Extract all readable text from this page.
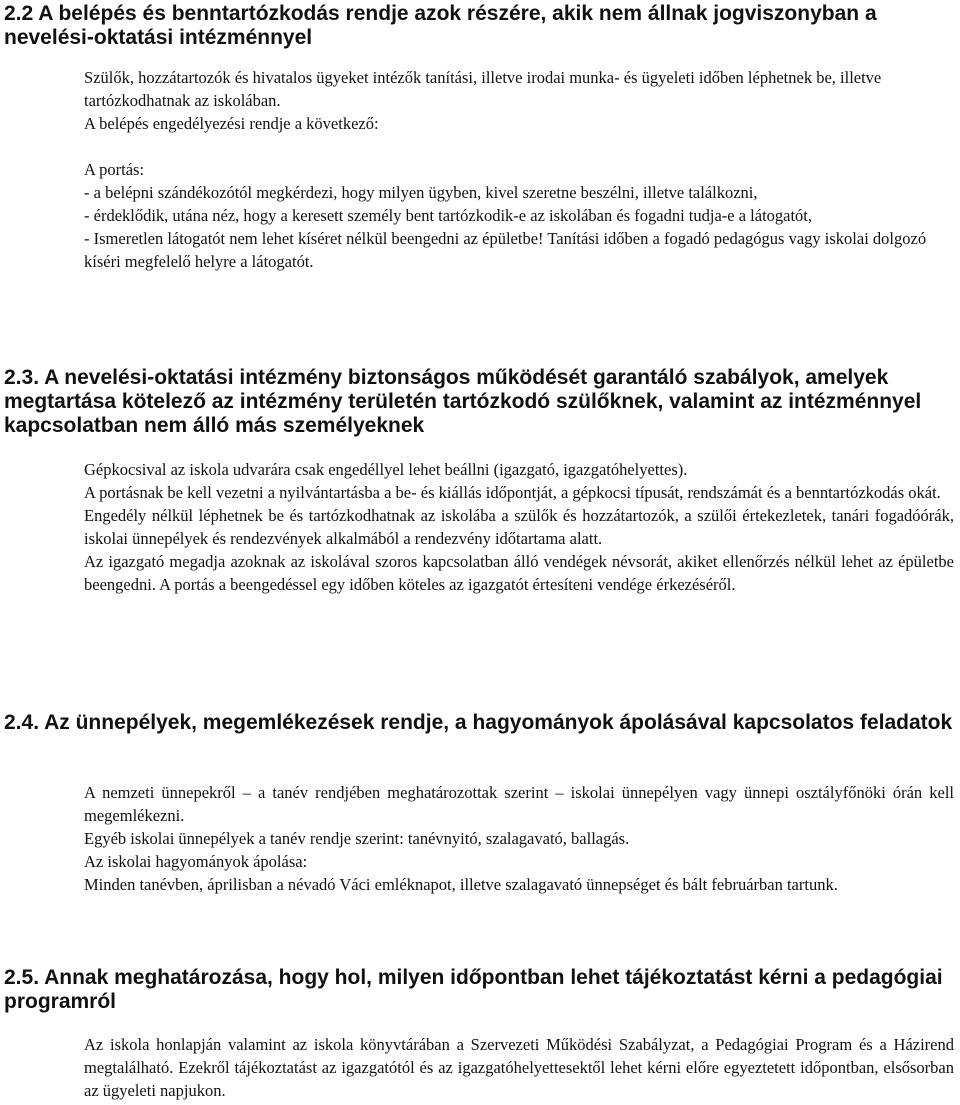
2.2 A belépés és benntartózkodás rendje azok részére, akik nem állnak jogviszonyban a nevelési-oktatási intézménnyel

Szülők, hozzátartozók és hivatalos ügyeket intézők tanítási, illetve irodai munka- és ügyeleti időben léphetnek be, illetve tartózkodhatnak az iskolában.

A belépés engedélyezési rendje a következő:

A portás:

- a belépni szándékozótól megkérdezi, hogy milyen ügyben, kivel szeretne beszélni, illetve találkozni,

- érdeklődik, utána néz, hogy a keresett személy bent tartózkodik-e az iskolában és fogadni tudja-e a látogatót,

- Ismeretlen látogatót nem lehet kíséret nélkül beengedni az épületbe! Tanítási időben a fogadó pedagógus vagy iskolai dolgozó kíséri megfelelő helyre a látogatót.

2.3. A nevelési-oktatási intézmény biztonságos működését garantáló szabályok, amelyek megtartása kötelező az intézmény területén tartózkodó szülőknek, valamint az intézménnyel kapcsolatban nem álló más személyeknek

Gépkocsival az iskola udvarára csak engedéllyel lehet beállni (igazgató, igazgatóhelyettes).

A portásnak be kell vezetni a nyilvántartásba a be- és kiállás időpontját, a gépkocsi típusát, rendszámát és a benntartózkodás okát.

Engedély nélkül léphetnek be és tartózkodhatnak az iskolába a szülők és hozzátartozók, a szülői értekezletek, tanári fogadóórák, iskolai ünnepélyek és rendezvények alkalmából a rendezvény időtartama alatt.

Az igazgató megadja azoknak az iskolával szoros kapcsolatban álló vendégek névsorát, akiket ellenőrzés nélkül lehet az épületbe beengedni. A portás a beengedéssel egy időben köteles az igazgatót értesíteni vendége érkezéséről.

2.4. Az ünnepélyek, megemlékezések rendje, a hagyományok ápolásával kapcsolatos feladatok

A nemzeti ünnepekről – a tanév rendjében meghatározottak szerint – iskolai ünnepélyen vagy ünnepi osztályfőnöki órán kell megemlékezni.

Egyéb iskolai ünnepélyek a tanév rendje szerint: tanévnyitó, szalagavató, ballagás.

Az iskolai hagyományok ápolása:

Minden tanévben, áprilisban a névadó Váci emléknapot, illetve szalagavató ünnepséget és bált februárban tartunk.

2.5. Annak meghatározása, hogy hol, milyen időpontban lehet tájékoztatást kérni a pedagógiai programról

Az iskola honlapján valamint az iskola könyvtárában a Szervezeti Működési Szabályzat, a Pedagógiai Program és a Házirend megtalálható. Ezekről tájékoztatást az igazgatótól és az igazgatóhelyettesektől lehet kérni előre egyeztetett időpontban, elsősorban az ügyeleti napjukon.
